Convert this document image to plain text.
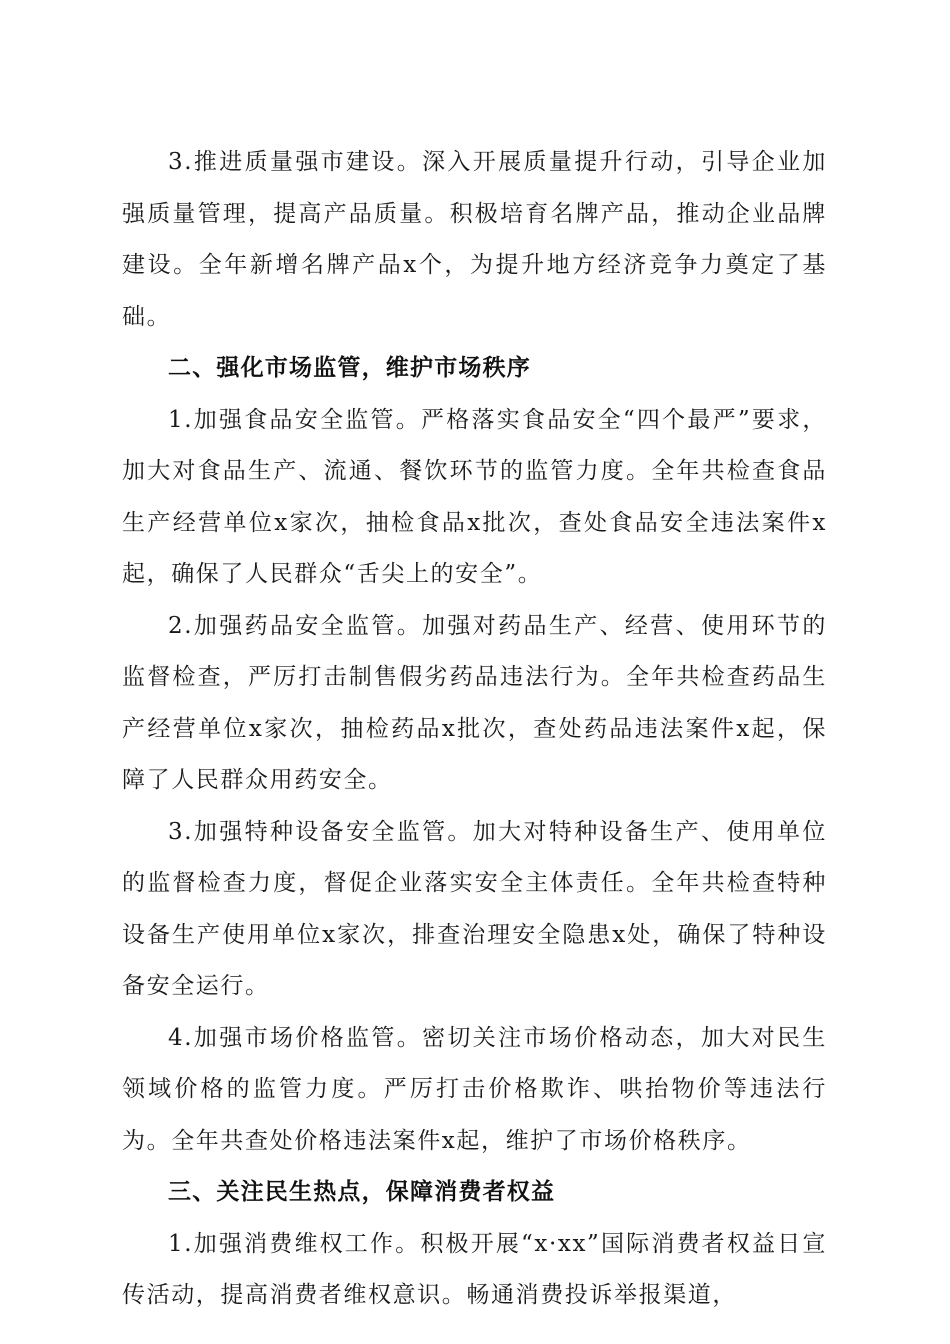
3.推进质量强市建设。深入开展质量提升行动，引导企业加强质量管理，提高产品质量。积极培育名牌产品，推动企业品牌建设。全年新增名牌产品x个，为提升地方经济竞争力奠定了基础。

二、强化市场监管，维护市场秩序

1.加强食品安全监管。严格落实食品安全“四个最严”要求，加大对食品生产、流通、餐饮环节的监管力度。全年共检查食品生产经营单位x家次，抽检食品x批次，查处食品安全违法案件x起，确保了人民群众“舌尖上的安全”。

2.加强药品安全监管。加强对药品生产、经营、使用环节的监督检查，严厉打击制售假劣药品违法行为。全年共检查药品生产经营单位x家次，抽检药品x批次，查处药品违法案件x起，保障了人民群众用药安全。

3.加强特种设备安全监管。加大对特种设备生产、使用单位的监督检查力度，督促企业落实安全主体责任。全年共检查特种设备生产使用单位x家次，排查治理安全隐患x处，确保了特种设备安全运行。

4.加强市场价格监管。密切关注市场价格动态，加大对民生领域价格的监管力度。严厉打击价格欺诈、哄抬物价等违法行为。全年共查处价格违法案件x起，维护了市场价格秩序。

三、关注民生热点，保障消费者权益

1.加强消费维权工作。积极开展“x·xx”国际消费者权益日宣传活动，提高消费者维权意识。畅通消费投诉举报渠道，
